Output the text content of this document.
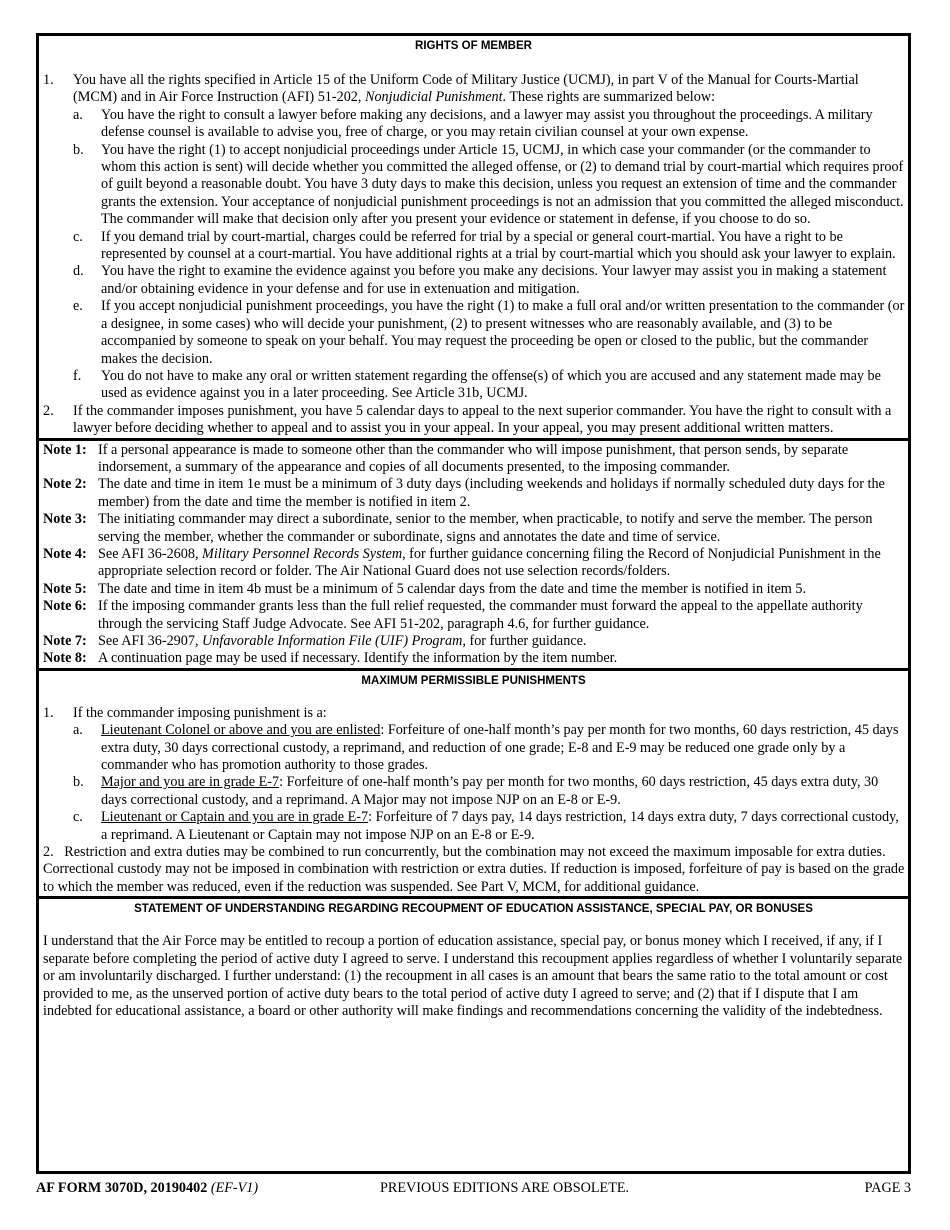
RIGHTS OF MEMBER
1.	You have all the rights specified in Article 15 of the Uniform Code of Military Justice (UCMJ), in part V of the Manual for Courts-Martial (MCM) and in Air Force Instruction (AFI) 51-202, Nonjudicial Punishment. These rights are summarized below:
a.	You have the right to consult a lawyer before making any decisions, and a lawyer may assist you throughout the proceedings. A military defense counsel is available to advise you, free of charge, or you may retain civilian counsel at your own expense.
b.	You have the right (1) to accept nonjudicial proceedings under Article 15, UCMJ, in which case your commander (or the commander to whom this action is sent) will decide whether you committed the alleged offense, or (2) to demand trial by court-martial which requires proof of guilt beyond a reasonable doubt. You have 3 duty days to make this decision, unless you request an extension of time and the commander grants the extension. Your acceptance of nonjudicial punishment proceedings is not an admission that you committed the alleged misconduct. The commander will make that decision only after you present your evidence or statement in defense, if you choose to do so.
c.	If you demand trial by court-martial, charges could be referred for trial by a special or general court-martial. You have a right to be represented by counsel at a court-martial. You have additional rights at a trial by court-martial which you should ask your lawyer to explain.
d.	You have the right to examine the evidence against you before you make any decisions. Your lawyer may assist you in making a statement and/or obtaining evidence in your defense and for use in extenuation and mitigation.
e.	If you accept nonjudicial punishment proceedings, you have the right (1) to make a full oral and/or written presentation to the commander (or a designee, in some cases) who will decide your punishment, (2) to present witnesses who are reasonably available, and (3) to be accompanied by someone to speak on your behalf. You may request the proceeding be open or closed to the public, but the commander makes the decision.
f.	You do not have to make any oral or written statement regarding the offense(s) of which you are accused and any statement made may be used as evidence against you in a later proceeding. See Article 31b, UCMJ.
2.	If the commander imposes punishment, you have 5 calendar days to appeal to the next superior commander. You have the right to consult with a lawyer before deciding whether to appeal and to assist you in your appeal. In your appeal, you may present additional written matters.
Note 1: If a personal appearance is made to someone other than the commander who will impose punishment, that person sends, by separate indorsement, a summary of the appearance and copies of all documents presented, to the imposing commander.
Note 2: The date and time in item 1e must be a minimum of 3 duty days (including weekends and holidays if normally scheduled duty days for the member) from the date and time the member is notified in item 2.
Note 3: The initiating commander may direct a subordinate, senior to the member, when practicable, to notify and serve the member. The person serving the member, whether the commander or subordinate, signs and annotates the date and time of service.
Note 4: See AFI 36-2608, Military Personnel Records System, for further guidance concerning filing the Record of Nonjudicial Punishment in the appropriate selection record or folder. The Air National Guard does not use selection records/folders.
Note 5: The date and time in item 4b must be a minimum of 5 calendar days from the date and time the member is notified in item 5.
Note 6: If the imposing commander grants less than the full relief requested, the commander must forward the appeal to the appellate authority through the servicing Staff Judge Advocate. See AFI 51-202, paragraph 4.6, for further guidance.
Note 7: See AFI 36-2907, Unfavorable Information File (UIF) Program, for further guidance.
Note 8: A continuation page may be used if necessary. Identify the information by the item number.
MAXIMUM PERMISSIBLE PUNISHMENTS
1.	If the commander imposing punishment is a:
a.	Lieutenant Colonel or above and you are enlisted: Forfeiture of one-half month’s pay per month for two months, 60 days restriction, 45 days extra duty, 30 days correctional custody, a reprimand, and reduction of one grade; E-8 and E-9 may be reduced one grade only by a commander who has promotion authority to those grades.
b.	Major and you are in grade E-7: Forfeiture of one-half month’s pay per month for two months, 60 days restriction, 45 days extra duty, 30 days correctional custody, and a reprimand. A Major may not impose NJP on an E-8 or E-9.
c.	Lieutenant or Captain and you are in grade E-7: Forfeiture of 7 days pay, 14 days restriction, 14 days extra duty, 7 days correctional custody, a reprimand. A Lieutenant or Captain may not impose NJP on an E-8 or E-9.
2. Restriction and extra duties may be combined to run concurrently, but the combination may not exceed the maximum imposable for extra duties. Correctional custody may not be imposed in combination with restriction or extra duties. If reduction is imposed, forfeiture of pay is based on the grade to which the member was reduced, even if the reduction was suspended. See Part V, MCM, for additional guidance.
STATEMENT OF UNDERSTANDING REGARDING RECOUPMENT OF EDUCATION ASSISTANCE, SPECIAL PAY, OR BONUSES
I understand that the Air Force may be entitled to recoup a portion of education assistance, special pay, or bonus money which I received, if any, if I separate before completing the period of active duty I agreed to serve. I understand this recoupment applies regardless of whether I voluntarily separate or am involuntarily discharged. I further understand: (1) the recoupment in all cases is an amount that bears the same ratio to the total amount or cost provided to me, as the unserved portion of active duty bears to the total period of active duty I agreed to serve; and (2) that if I dispute that I am indebted for educational assistance, a board or other authority will make findings and recommendations concerning the validity of the indebtedness.
AF FORM 3070D, 20190402 (EF-V1)	PREVIOUS EDITIONS ARE OBSOLETE.	PAGE 3
